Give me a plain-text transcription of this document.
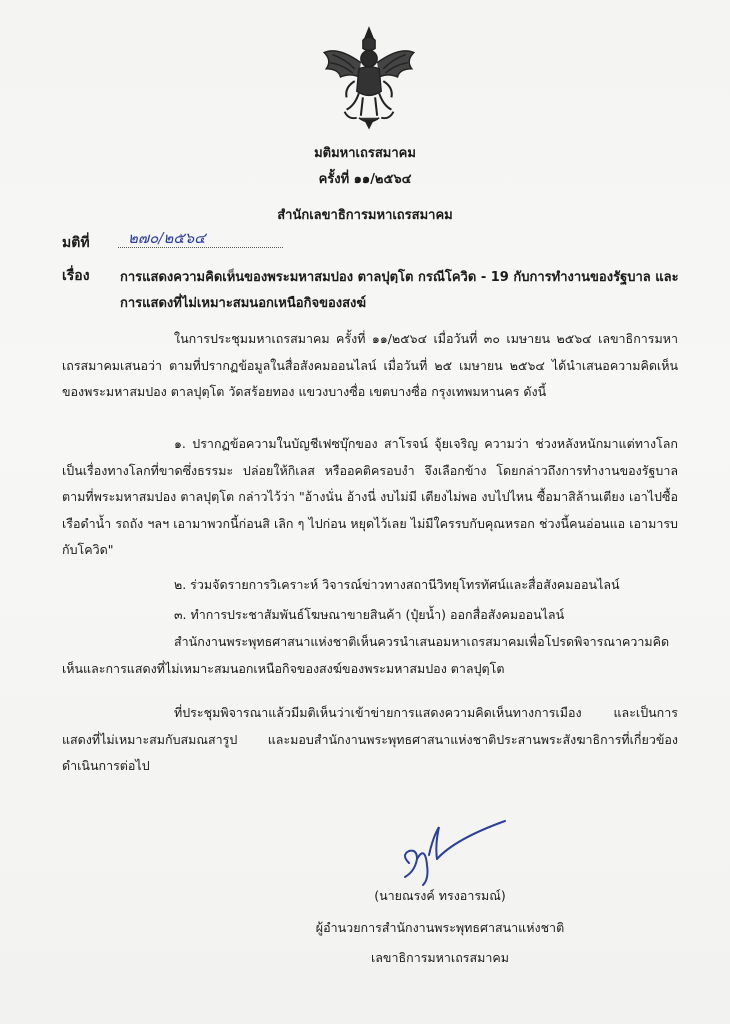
มติมหาเถรสมาคม
ครั้งที่ ๑๑/๒๕๖๔
สำนักเลขาธิการมหาเถรสมาคม
มติที่	๒๗๐/๒๕๖๔
เรื่อง การแสดงความคิดเห็นของพระมหาสมปอง ตาลปุตฺโต กรณีโควิด - 19 กับการทำงานของรัฐบาล และการแสดงที่ไม่เหมาะสมนอกเหนือกิจของสงฆ์
ในการประชุมมหาเถรสมาคม ครั้งที่ ๑๑/๒๕๖๔ เมื่อวันที่ ๓๐ เมษายน ๒๕๖๔ เลขาธิการมหาเถรสมาคมเสนอว่า ตามที่ปรากฏข้อมูลในสื่อสังคมออนไลน์ เมื่อวันที่ ๒๕ เมษายน ๒๕๖๔ ได้นำเสนอความคิดเห็นของพระมหาสมปอง ตาลปุตฺโต วัดสร้อยทอง แขวงบางซื่อ เขตบางซื่อ กรุงเทพมหานคร ดังนี้
๑. ปรากฏข้อความในบัญชีเฟซบุ๊กของ สาโรจน์ จุ้ยเจริญ ความว่า ช่วงหลังหนักมาแต่ทางโลก เป็นเรื่องทางโลกที่ขาดซึ่งธรรมะ ปล่อยให้กิเลส หรืออคติครอบงำ จึงเลือกข้าง โดยกล่าวถึงการทำงานของรัฐบาลตามที่พระมหาสมปอง ตาลปุตฺโต กล่าวไว้ว่า "อ้างนั่น อ้างนี่ งบไม่มี เตียงไม่พอ งบไปไหน ซื้อมาสิล้านเตียง เอาไปซื้อเรือดำน้ำ รถถัง ฯลฯ เอามาพวกนี้ก่อนสิ เลิก ๆ ไปก่อน หยุดไว้เลย ไม่มีใครรบกับคุณหรอก ช่วงนี้คนอ่อนแอ เอามารบกับโควิด"
๒. ร่วมจัดรายการวิเคราะห์ วิจารณ์ข่าวทางสถานีวิทยุโทรทัศน์และสื่อสังคมออนไลน์
๓. ทำการประชาสัมพันธ์โฆษณาขายสินค้า (ปุ๋ยน้ำ) ออกสื่อสังคมออนไลน์
สำนักงานพระพุทธศาสนาแห่งชาติเห็นควรนำเสนอมหาเถรสมาคมเพื่อโปรดพิจารณาความคิดเห็นและการแสดงที่ไม่เหมาะสมนอกเหนือกิจของสงฆ์ของพระมหาสมปอง ตาลปุตฺโต
ที่ประชุมพิจารณาแล้วมีมติเห็นว่าเข้าข่ายการแสดงความคิดเห็นทางการเมือง และเป็นการแสดงที่ไม่เหมาะสมกับสมณสารูป และมอบสำนักงานพระพุทธศาสนาแห่งชาติประสานพระสังฆาธิการที่เกี่ยวข้องดำเนินการต่อไป
(นายณรงค์ ทรงอารมณ์)
ผู้อำนวยการสำนักงานพระพุทธศาสนาแห่งชาติ
เลขาธิการมหาเถรสมาคม
